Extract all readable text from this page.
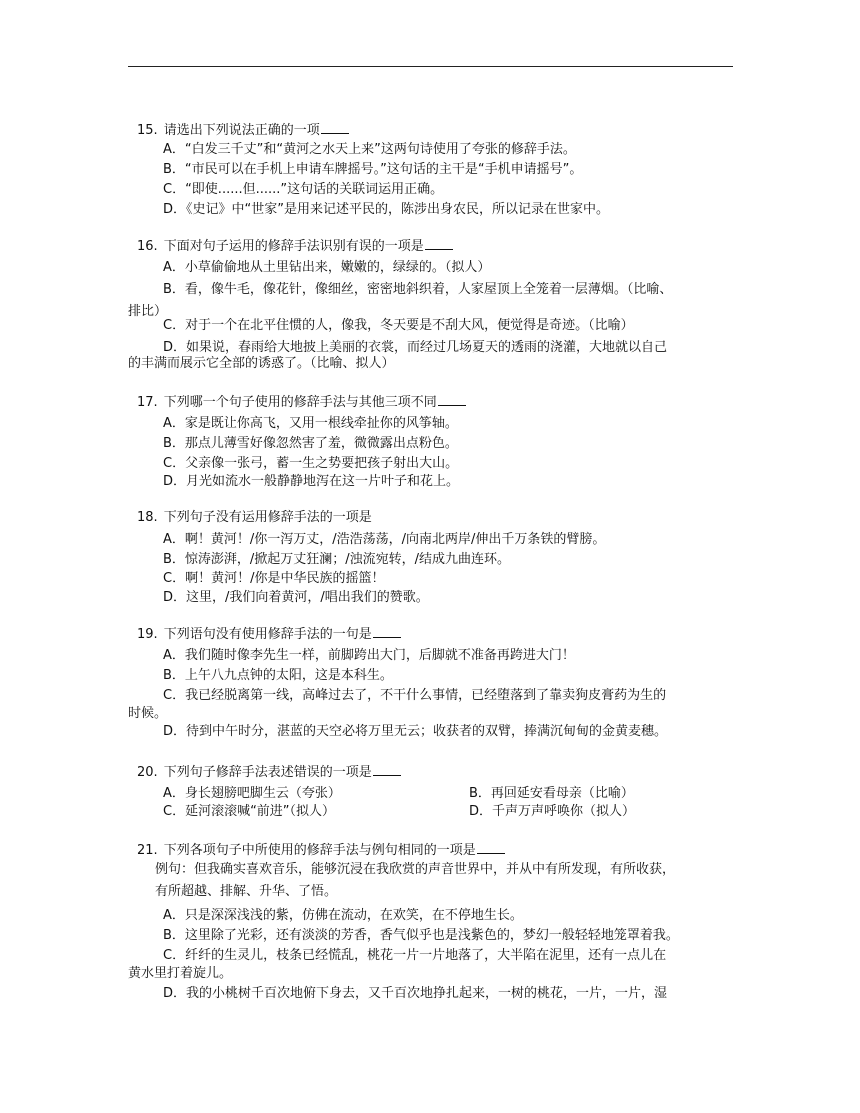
15. 请选出下列说法正确的一项
A．“白发三千丈”和“黄河之水天上来”这两句诗使用了夸张的修辞手法。
B．“市民可以在手机上申请车牌摇号。”这句话的主干是“手机申请摇号”。
C．“即使......但......”这句话的关联词运用正确。
D．《史记》中“世家”是用来记述平民的，陈涉出身农民，所以记录在世家中。
16. 下面对句子运用的修辞手法识别有误的一项是
A．小草偷偷地从土里钻出来，嫩嫩的，绿绿的。（拟人）
B．看，像牛毛，像花针，像细丝，密密地斜织着，人家屋顶上全笼着一层薄烟。（比喻、
排比）
C．对于一个在北平住惯的人，像我，冬天要是不刮大风，便觉得是奇迹。（比喻）
D．如果说，春雨给大地披上美丽的衣裳，而经过几场夏天的透雨的浇灌，大地就以自己
的丰满而展示它全部的诱惑了。（比喻、拟人）
17. 下列哪一个句子使用的修辞手法与其他三项不同
A．家是既让你高飞，又用一根线牵扯你的风筝轴。
B．那点儿薄雪好像忽然害了羞，微微露出点粉色。
C．父亲像一张弓，蓄一生之势要把孩子射出大山。
D．月光如流水一般静静地泻在这一片叶子和花上。
18. 下列句子没有运用修辞手法的一项是
A．啊！黄河！/你一泻万丈，/浩浩荡荡，/向南北两岸/伸出千万条铁的臂膀。
B．惊涛澎湃，/掀起万丈狂澜；/浊流宛转，/结成九曲连环。
C．啊！黄河！/你是中华民族的摇篮！
D．这里，/我们向着黄河，/唱出我们的赞歌。
19. 下列语句没有使用修辞手法的一句是
A．我们随时像李先生一样，前脚跨出大门，后脚就不准备再跨进大门！
B．上午八九点钟的太阳，这是本科生。
C．我已经脱离第一线，高峰过去了，不干什么事情，已经堕落到了靠卖狗皮膏药为生的
时候。
D．待到中午时分，湛蓝的天空必将万里无云；收获者的双臂，捧满沉甸甸的金黄麦穗。
20. 下列句子修辞手法表述错误的一项是
A．身长翅膀吧脚生云（夸张）	B．再回延安看母亲（比喻）
C．延河滚滚喊“前进”（拟人）	D．千声万声呼唤你（拟人）
21. 下列各项句子中所使用的修辞手法与例句相同的一项是
例句：但我确实喜欢音乐，能够沉浸在我欣赏的声音世界中，并从中有所发现，有所收获，
有所超越、排解、升华、了悟。
A．只是深深浅浅的紫，仿佛在流动，在欢笑，在不停地生长。
B．这里除了光彩，还有淡淡的芳香，香气似乎也是浅紫色的，梦幻一般轻轻地笼罩着我。
C．纤纤的生灵儿，枝条已经慌乱，桃花一片一片地落了，大半陷在泥里，还有一点儿在
黄水里打着旋儿。
D．我的小桃树千百次地俯下身去，又千百次地挣扎起来，一树的桃花，一片，一片，湿
